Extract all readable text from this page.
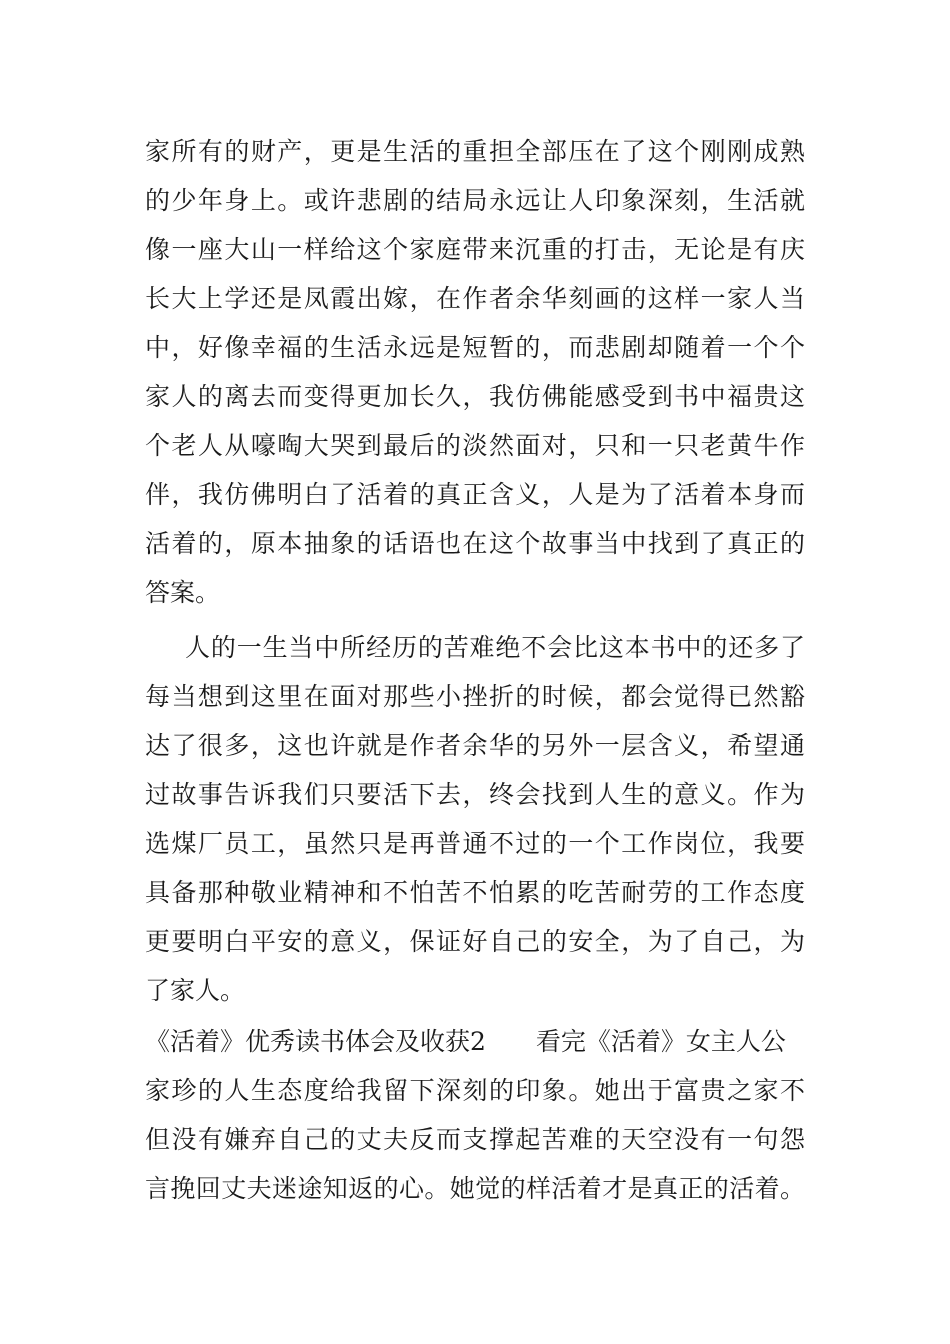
家所有的财产，更是生活的重担全部压在了这个刚刚成熟
的少年身上。或许悲剧的结局永远让人印象深刻，生活就
像一座大山一样给这个家庭带来沉重的打击，无论是有庆
长大上学还是凤霞出嫁，在作者余华刻画的这样一家人当
中，好像幸福的生活永远是短暂的，而悲剧却随着一个个
家人的离去而变得更加长久，我仿佛能感受到书中福贵这
个老人从嚎啕大哭到最后的淡然面对，只和一只老黄牛作
伴，我仿佛明白了活着的真正含义，人是为了活着本身而
活着的，原本抽象的话语也在这个故事当中找到了真正的
答案。
人的一生当中所经历的苦难绝不会比这本书中的还多了
每当想到这里在面对那些小挫折的时候，都会觉得已然豁
达了很多，这也许就是作者余华的另外一层含义，希望通
过故事告诉我们只要活下去，终会找到人生的意义。作为
选煤厂员工，虽然只是再普通不过的一个工作岗位，我要
具备那种敬业精神和不怕苦不怕累的吃苦耐劳的工作态度
更要明白平安的意义，保证好自己的安全，为了自己，为
了家人。
《活着》优秀读书体会及收获2 看完《活着》女主人公
家珍的人生态度给我留下深刻的印象。她出于富贵之家不
但没有嫌弃自己的丈夫反而支撑起苦难的天空没有一句怨
言挽回丈夫迷途知返的心。她觉的样活着才是真正的活着。
